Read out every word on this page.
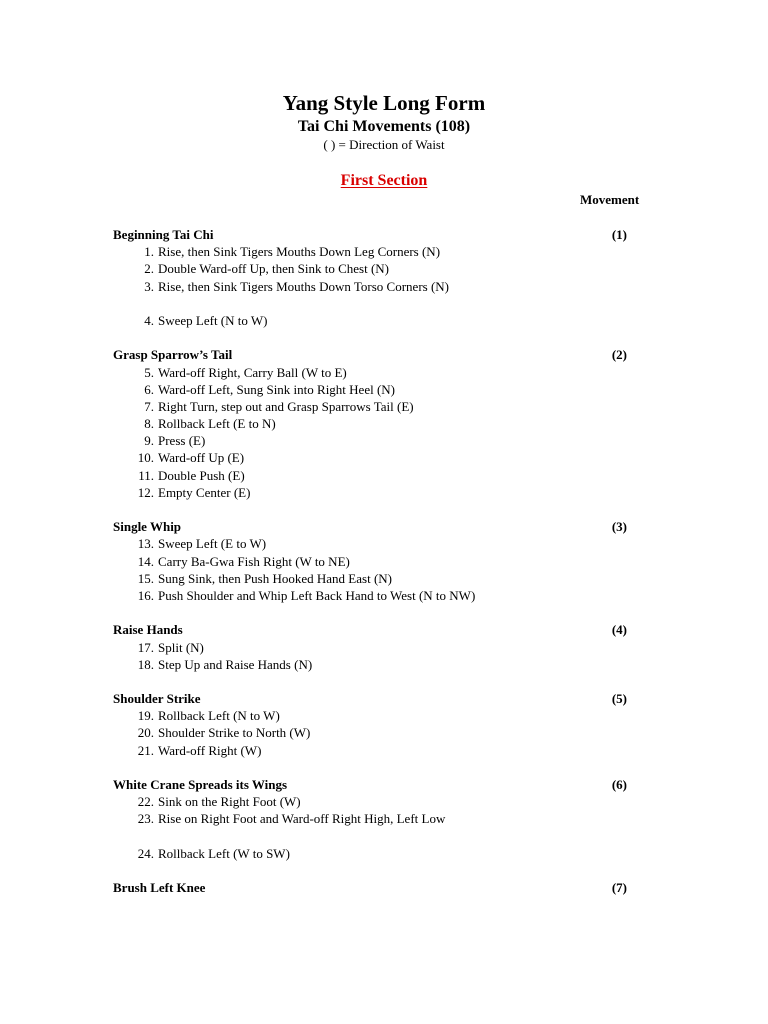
Yang Style Long Form
Tai Chi Movements (108)
( ) = Direction of Waist
First Section
Movement
Beginning Tai Chi	(1)
1. Rise, then Sink Tigers Mouths Down Leg Corners (N)
2. Double Ward-off Up, then Sink to Chest (N)
3. Rise, then Sink Tigers Mouths Down Torso Corners (N)
4. Sweep Left (N to W)
Grasp Sparrow’s Tail	(2)
5. Ward-off Right, Carry Ball (W to E)
6. Ward-off Left, Sung Sink into Right Heel (N)
7. Right Turn, step out and Grasp Sparrows Tail (E)
8. Rollback Left (E to N)
9. Press (E)
10. Ward-off Up (E)
11. Double Push (E)
12. Empty Center (E)
Single Whip	(3)
13. Sweep Left (E to W)
14. Carry Ba-Gwa Fish Right (W to NE)
15. Sung Sink, then Push Hooked Hand East (N)
16. Push Shoulder and Whip Left Back Hand to West (N to NW)
Raise Hands	(4)
17. Split (N)
18. Step Up and Raise Hands (N)
Shoulder Strike	(5)
19. Rollback Left (N to W)
20. Shoulder Strike to North (W)
21. Ward-off Right (W)
White Crane Spreads its Wings	(6)
22. Sink on the Right Foot (W)
23. Rise on Right Foot and Ward-off Right High, Left Low
24. Rollback Left (W to SW)
Brush Left Knee	(7)
